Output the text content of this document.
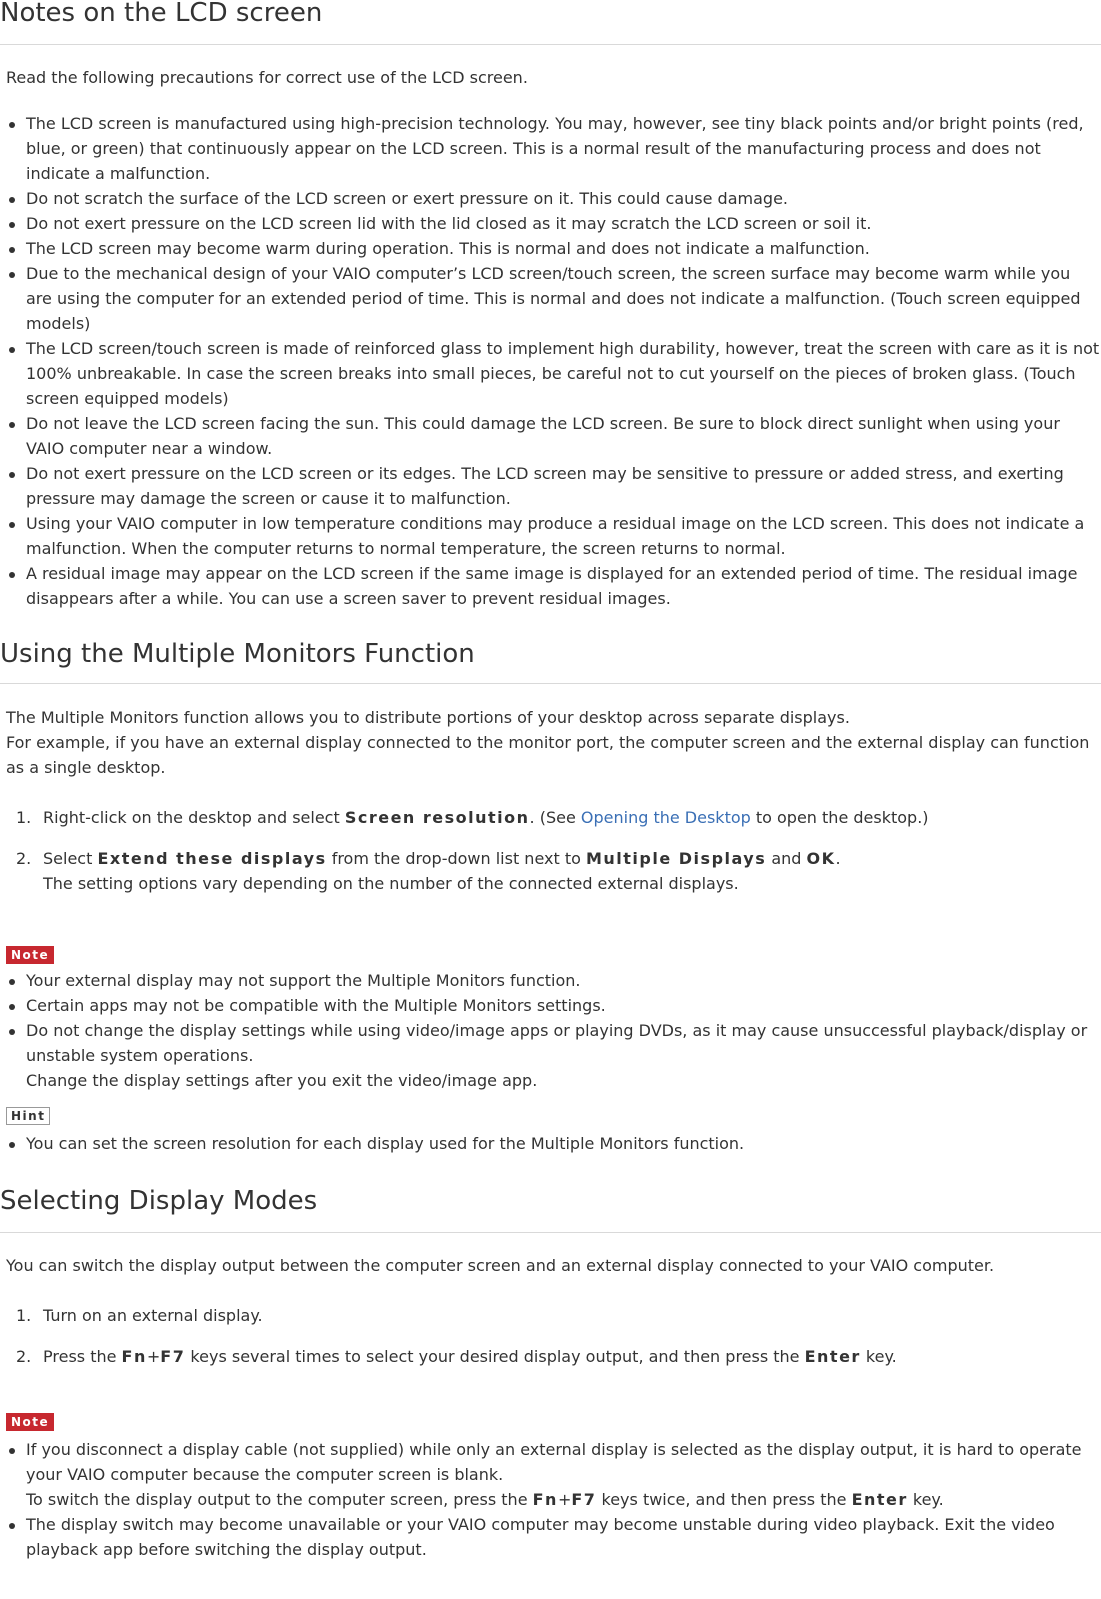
Notes on the LCD screen

Read the following precautions for correct use of the LCD screen.

The LCD screen is manufactured using high-precision technology. You may, however, see tiny black points and/or bright points (red, blue, or green) that continuously appear on the LCD screen. This is a normal result of the manufacturing process and does not indicate a malfunction.
Do not scratch the surface of the LCD screen or exert pressure on it. This could cause damage.
Do not exert pressure on the LCD screen lid with the lid closed as it may scratch the LCD screen or soil it.
The LCD screen may become warm during operation. This is normal and does not indicate a malfunction.
Due to the mechanical design of your VAIO computer’s LCD screen/touch screen, the screen surface may become warm while you are using the computer for an extended period of time. This is normal and does not indicate a malfunction. (Touch screen equipped models)
The LCD screen/touch screen is made of reinforced glass to implement high durability, however, treat the screen with care as it is not 100% unbreakable. In case the screen breaks into small pieces, be careful not to cut yourself on the pieces of broken glass. (Touch screen equipped models)
Do not leave the LCD screen facing the sun. This could damage the LCD screen. Be sure to block direct sunlight when using your VAIO computer near a window.
Do not exert pressure on the LCD screen or its edges. The LCD screen may be sensitive to pressure or added stress, and exerting pressure may damage the screen or cause it to malfunction.
Using your VAIO computer in low temperature conditions may produce a residual image on the LCD screen. This does not indicate a malfunction. When the computer returns to normal temperature, the screen returns to normal.
A residual image may appear on the LCD screen if the same image is displayed for an extended period of time. The residual image disappears after a while. You can use a screen saver to prevent residual images.
Using the Multiple Monitors Function

The Multiple Monitors function allows you to distribute portions of your desktop across separate displays.

For example, if you have an external display connected to the monitor port, the computer screen and the external display can function as a single desktop.

1. Right-click on the desktop and select Screen resolution. (See Opening the Desktop to open the desktop.)
2. Select Extend these displays from the drop-down list next to Multiple Displays and OK.
The setting options vary depending on the number of the connected external displays.
Note
Your external display may not support the Multiple Monitors function.
Certain apps may not be compatible with the Multiple Monitors settings.
Do not change the display settings while using video/image apps or playing DVDs, as it may cause unsuccessful playback/display or unstable system operations.
Change the display settings after you exit the video/image app.
Hint
You can set the screen resolution for each display used for the Multiple Monitors function.
Selecting Display Modes

You can switch the display output between the computer screen and an external display connected to your VAIO computer.

1. Turn on an external display.
2. Press the Fn+F7 keys several times to select your desired display output, and then press the Enter key.
Note
If you disconnect a display cable (not supplied) while only an external display is selected as the display output, it is hard to operate your VAIO computer because the computer screen is blank.
To switch the display output to the computer screen, press the Fn+F7 keys twice, and then press the Enter key.
The display switch may become unavailable or your VAIO computer may become unstable during video playback. Exit the video playback app before switching the display output.
